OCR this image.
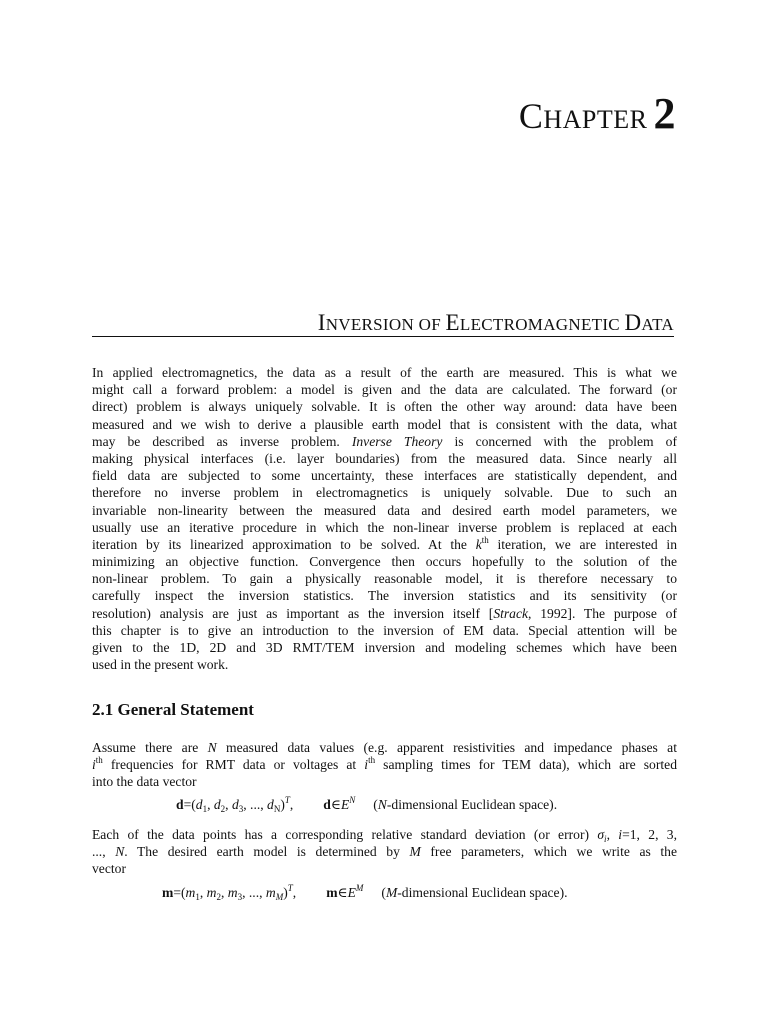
CHAPTER 2
INVERSION OF ELECTROMAGNETIC DATA
In applied electromagnetics, the data as a result of the earth are measured. This is what we
might call a forward problem: a model is given and the data are calculated. The forward (or
direct) problem is always uniquely solvable. It is often the other way around: data have been
measured and we wish to derive a plausible earth model that is consistent with the data, what
may be described as inverse problem. Inverse Theory is concerned with the problem of
making physical interfaces (i.e. layer boundaries) from the measured data. Since nearly all
field data are subjected to some uncertainty, these interfaces are statistically dependent, and
therefore no inverse problem in electromagnetics is uniquely solvable. Due to such an
invariable non-linearity between the measured data and desired earth model parameters, we
usually use an iterative procedure in which the non-linear inverse problem is replaced at each
iteration by its linearized approximation to be solved. At the $k^{th}$ iteration, we are interested in
minimizing an objective function. Convergence then occurs hopefully to the solution of the
non-linear problem. To gain a physically reasonable model, it is therefore necessary to
carefully inspect the inversion statistics. The inversion statistics and its sensitivity (or
resolution) analysis are just as important as the inversion itself [Strack, 1992]. The purpose of
this chapter is to give an introduction to the inversion of EM data. Special attention will be
given to the 1D, 2D and 3D RMT/TEM inversion and modeling schemes which have been
used in the present work.
2.1 General Statement
Assume there are N measured data values (e.g. apparent resistivities and impedance phases at
$i^{th}$ frequencies for RMT data or voltages at $i^{th}$ sampling times for TEM data), which are sorted
into the data vector
$d=(d_1$, $d_2$, $d_3$, ..., $d_N)^T$, $d\in E^N$ (N-dimensional Euclidean space).
Each of the data points has a corresponding relative standard deviation (or error) $\sigma_i$, i=1, 2, 3,
..., N. The desired earth model is determined by M free parameters, which we write as the
vector
$m=(m_1$, $m_2$, $m_3$, ..., $m_M)^T$, $m\in E^M$ (M-dimensional Euclidean space).
